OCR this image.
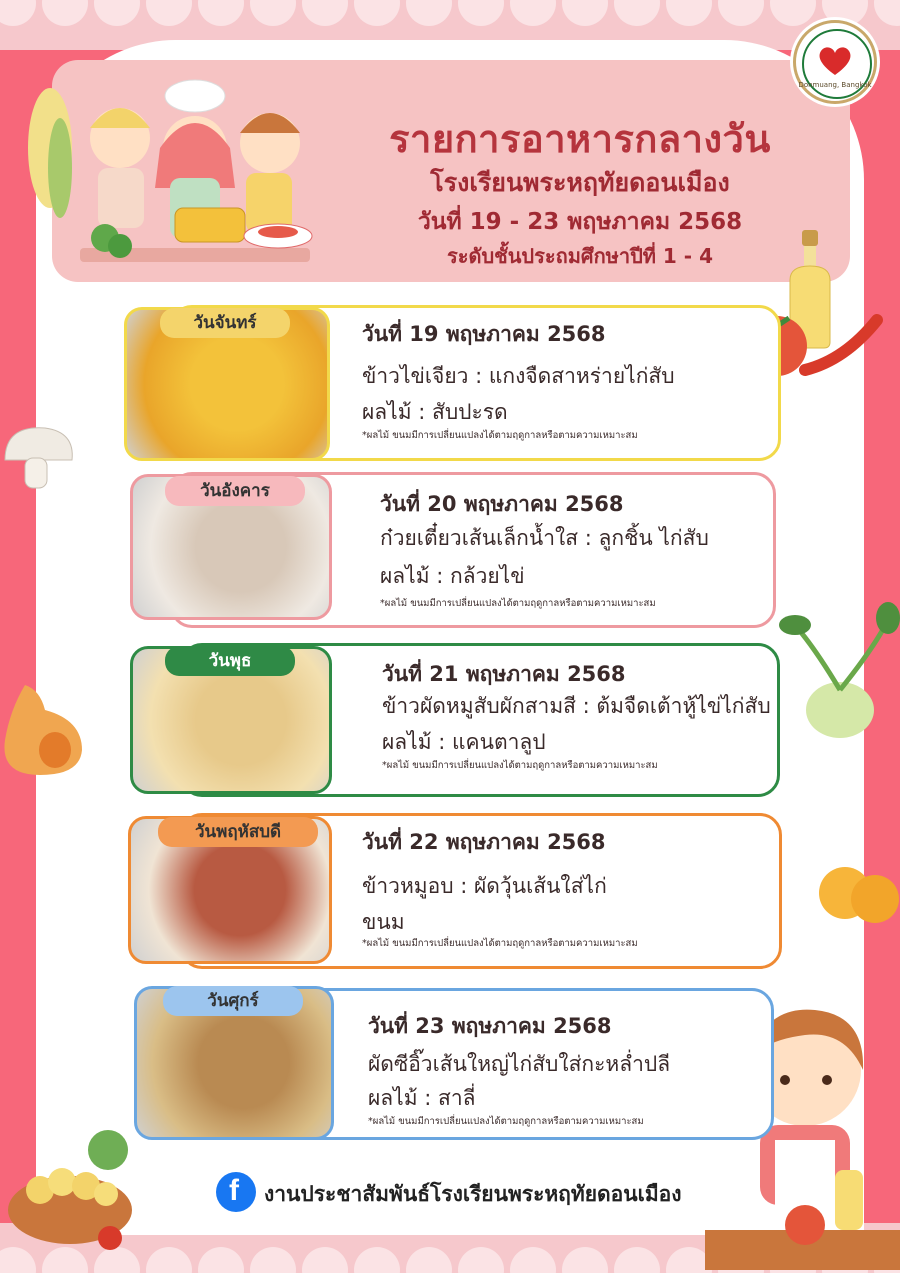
รายการอาหารกลางวัน
โรงเรียนพระหฤทัยดอนเมือง
วันที่ 19 - 23 พฤษภาคม 2568
ระดับชั้นประถมศึกษาปีที่ 1 - 4
Donmuang, Bangkok
วันจันทร์	วันที่ 19 พฤษภาคม 2568
ข้าวไข่เจียว : แกงจืดสาหร่ายไก่สับ
ผลไม้ : สับปะรด
*ผลไม้ ขนมมีการเปลี่ยนแปลงได้ตามฤดูกาลหรือตามความเหมาะสม
วันอังคาร
วันที่ 20 พฤษภาคม 2568
ก๋วยเตี๋ยวเส้นเล็กน้ำใส : ลูกชิ้น ไก่สับ
ผลไม้ : กล้วยไข่
*ผลไม้ ขนมมีการเปลี่ยนแปลงได้ตามฤดูกาลหรือตามความเหมาะสม
วันพุธ
วันที่ 21 พฤษภาคม 2568
ข้าวผัดหมูสับผักสามสี : ต้มจืดเต้าหู้ไข่ไก่สับ
ผลไม้ : แคนตาลูป
*ผลไม้ ขนมมีการเปลี่ยนแปลงได้ตามฤดูกาลหรือตามความเหมาะสม
วันพฤหัสบดี	วันที่ 22 พฤษภาคม 2568
ข้าวหมูอบ : ผัดวุ้นเส้นใส่ไก่
ขนม
*ผลไม้ ขนมมีการเปลี่ยนแปลงได้ตามฤดูกาลหรือตามความเหมาะสม
วันศุกร์
วันที่ 23 พฤษภาคม 2568
ผัดซีอิ๊วเส้นใหญ่ไก่สับใส่กะหล่ำปลี
ผลไม้ : สาลี่
*ผลไม้ ขนมมีการเปลี่ยนแปลงได้ตามฤดูกาลหรือตามความเหมาะสม
f งานประชาสัมพันธ์โรงเรียนพระหฤทัยดอนเมือง
